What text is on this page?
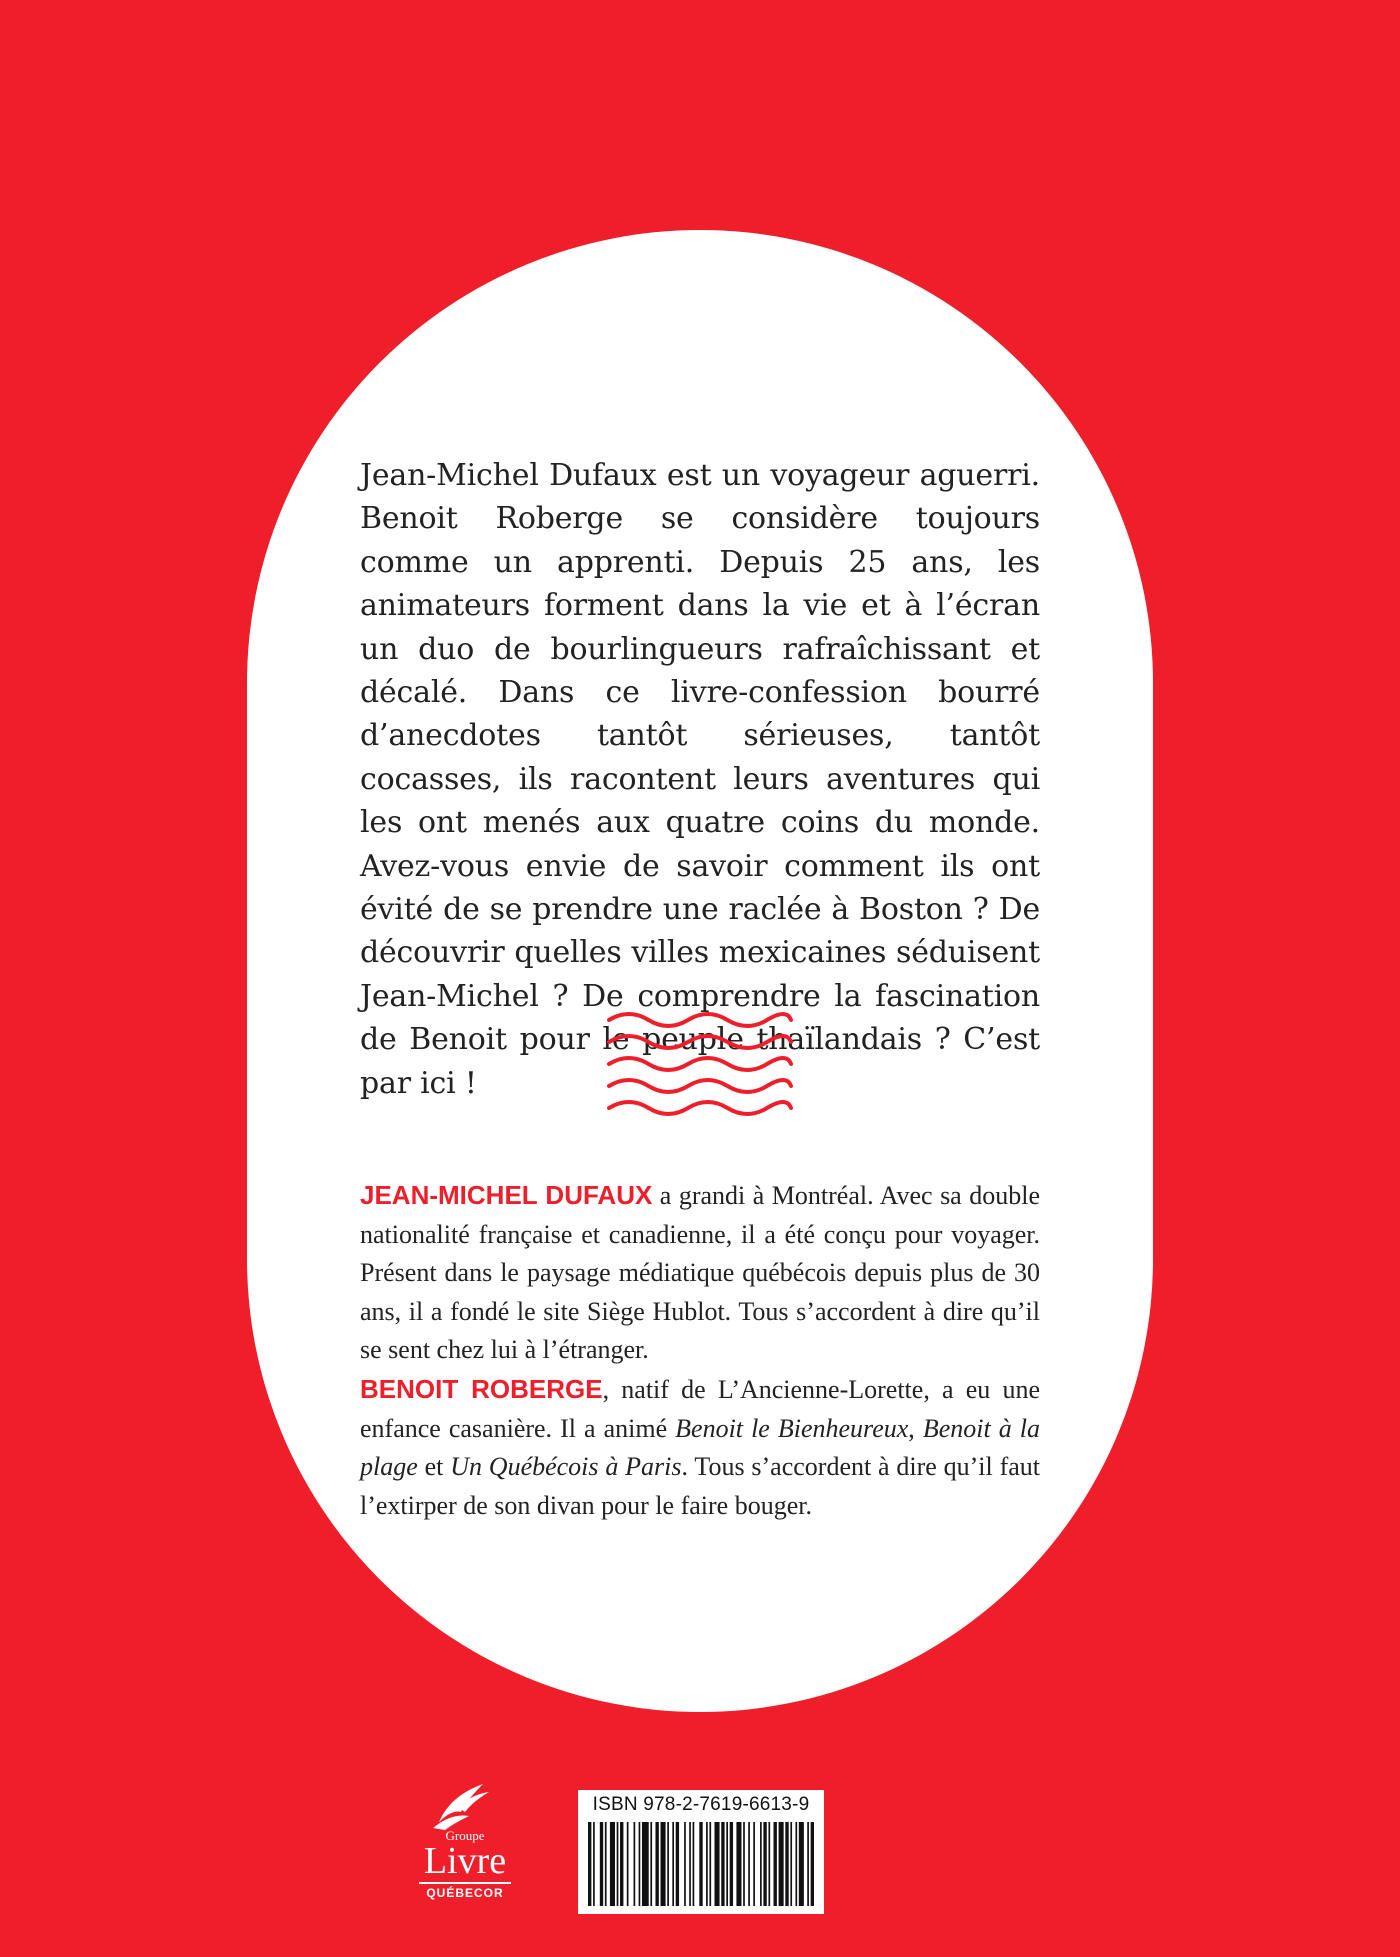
Jean-Michel Dufaux est un voyageur aguerri. Benoit Roberge se considère toujours comme un apprenti. Depuis 25 ans, les animateurs forment dans la vie et à l’écran un duo de bourlingueurs rafraîchissant et décalé. Dans ce livre-confession bourré d’anecdotes tantôt sérieuses, tantôt cocasses, ils racontent leurs aventures qui les ont menés aux quatre coins du monde. Avez-vous envie de savoir comment ils ont évité de se prendre une raclée à Boston ? De découvrir quelles villes mexicaines séduisent Jean-Michel ? De comprendre la fascination de Benoit pour le peuple thaïlandais ? C’est par ici !

JEAN-MICHEL DUFAUX a grandi à Montréal. Avec sa double nationalité française et canadienne, il a été conçu pour voyager. Présent dans le paysage médiatique québécois depuis plus de 30 ans, il a fondé le site Siège Hublot. Tous s’accordent à dire qu’il se sent chez lui à l’étranger.

BENOIT ROBERGE, natif de L’Ancienne-Lorette, a eu une enfance casanière. Il a animé Benoit le Bienheureux, Benoit à la plage et Un Québécois à Paris. Tous s’accordent à dire qu’il faut l’extirper de son divan pour le faire bouger.

Groupe
Livre
QUÉBECOR
ISBN 978-2-7619-6613-9
